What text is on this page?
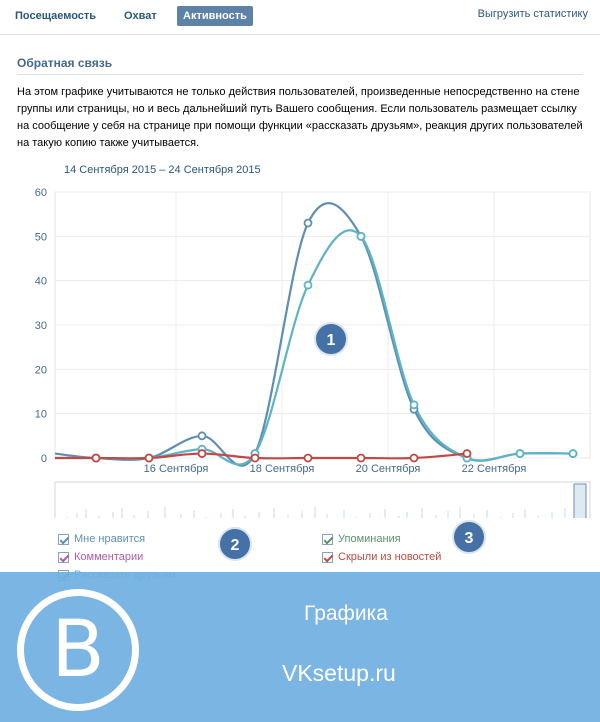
Посещаемость	Охват	Активность	Выгрузить статистику
Обратная связь
На этом графике учитываются не только действия пользователей, произведенные непосредственно на стене группы или страницы, но и весь дальнейший путь Вашего сообщения. Если пользователь размещает ссылку на сообщение у себя на странице при помощи функции «рассказать друзьям», реакция других пользователей на такую копию также учитывается.
14 Сентября 2015 – 24 Сентября 2015
0
10
20
30
40
50
60
16 Сентября	18 Сентября	20 Сентября	22 Сентября
Мне нравится
Комментарии
Упоминания
Скрыли из новостей
B	Графика
VKsetup.ru
1
2	3
